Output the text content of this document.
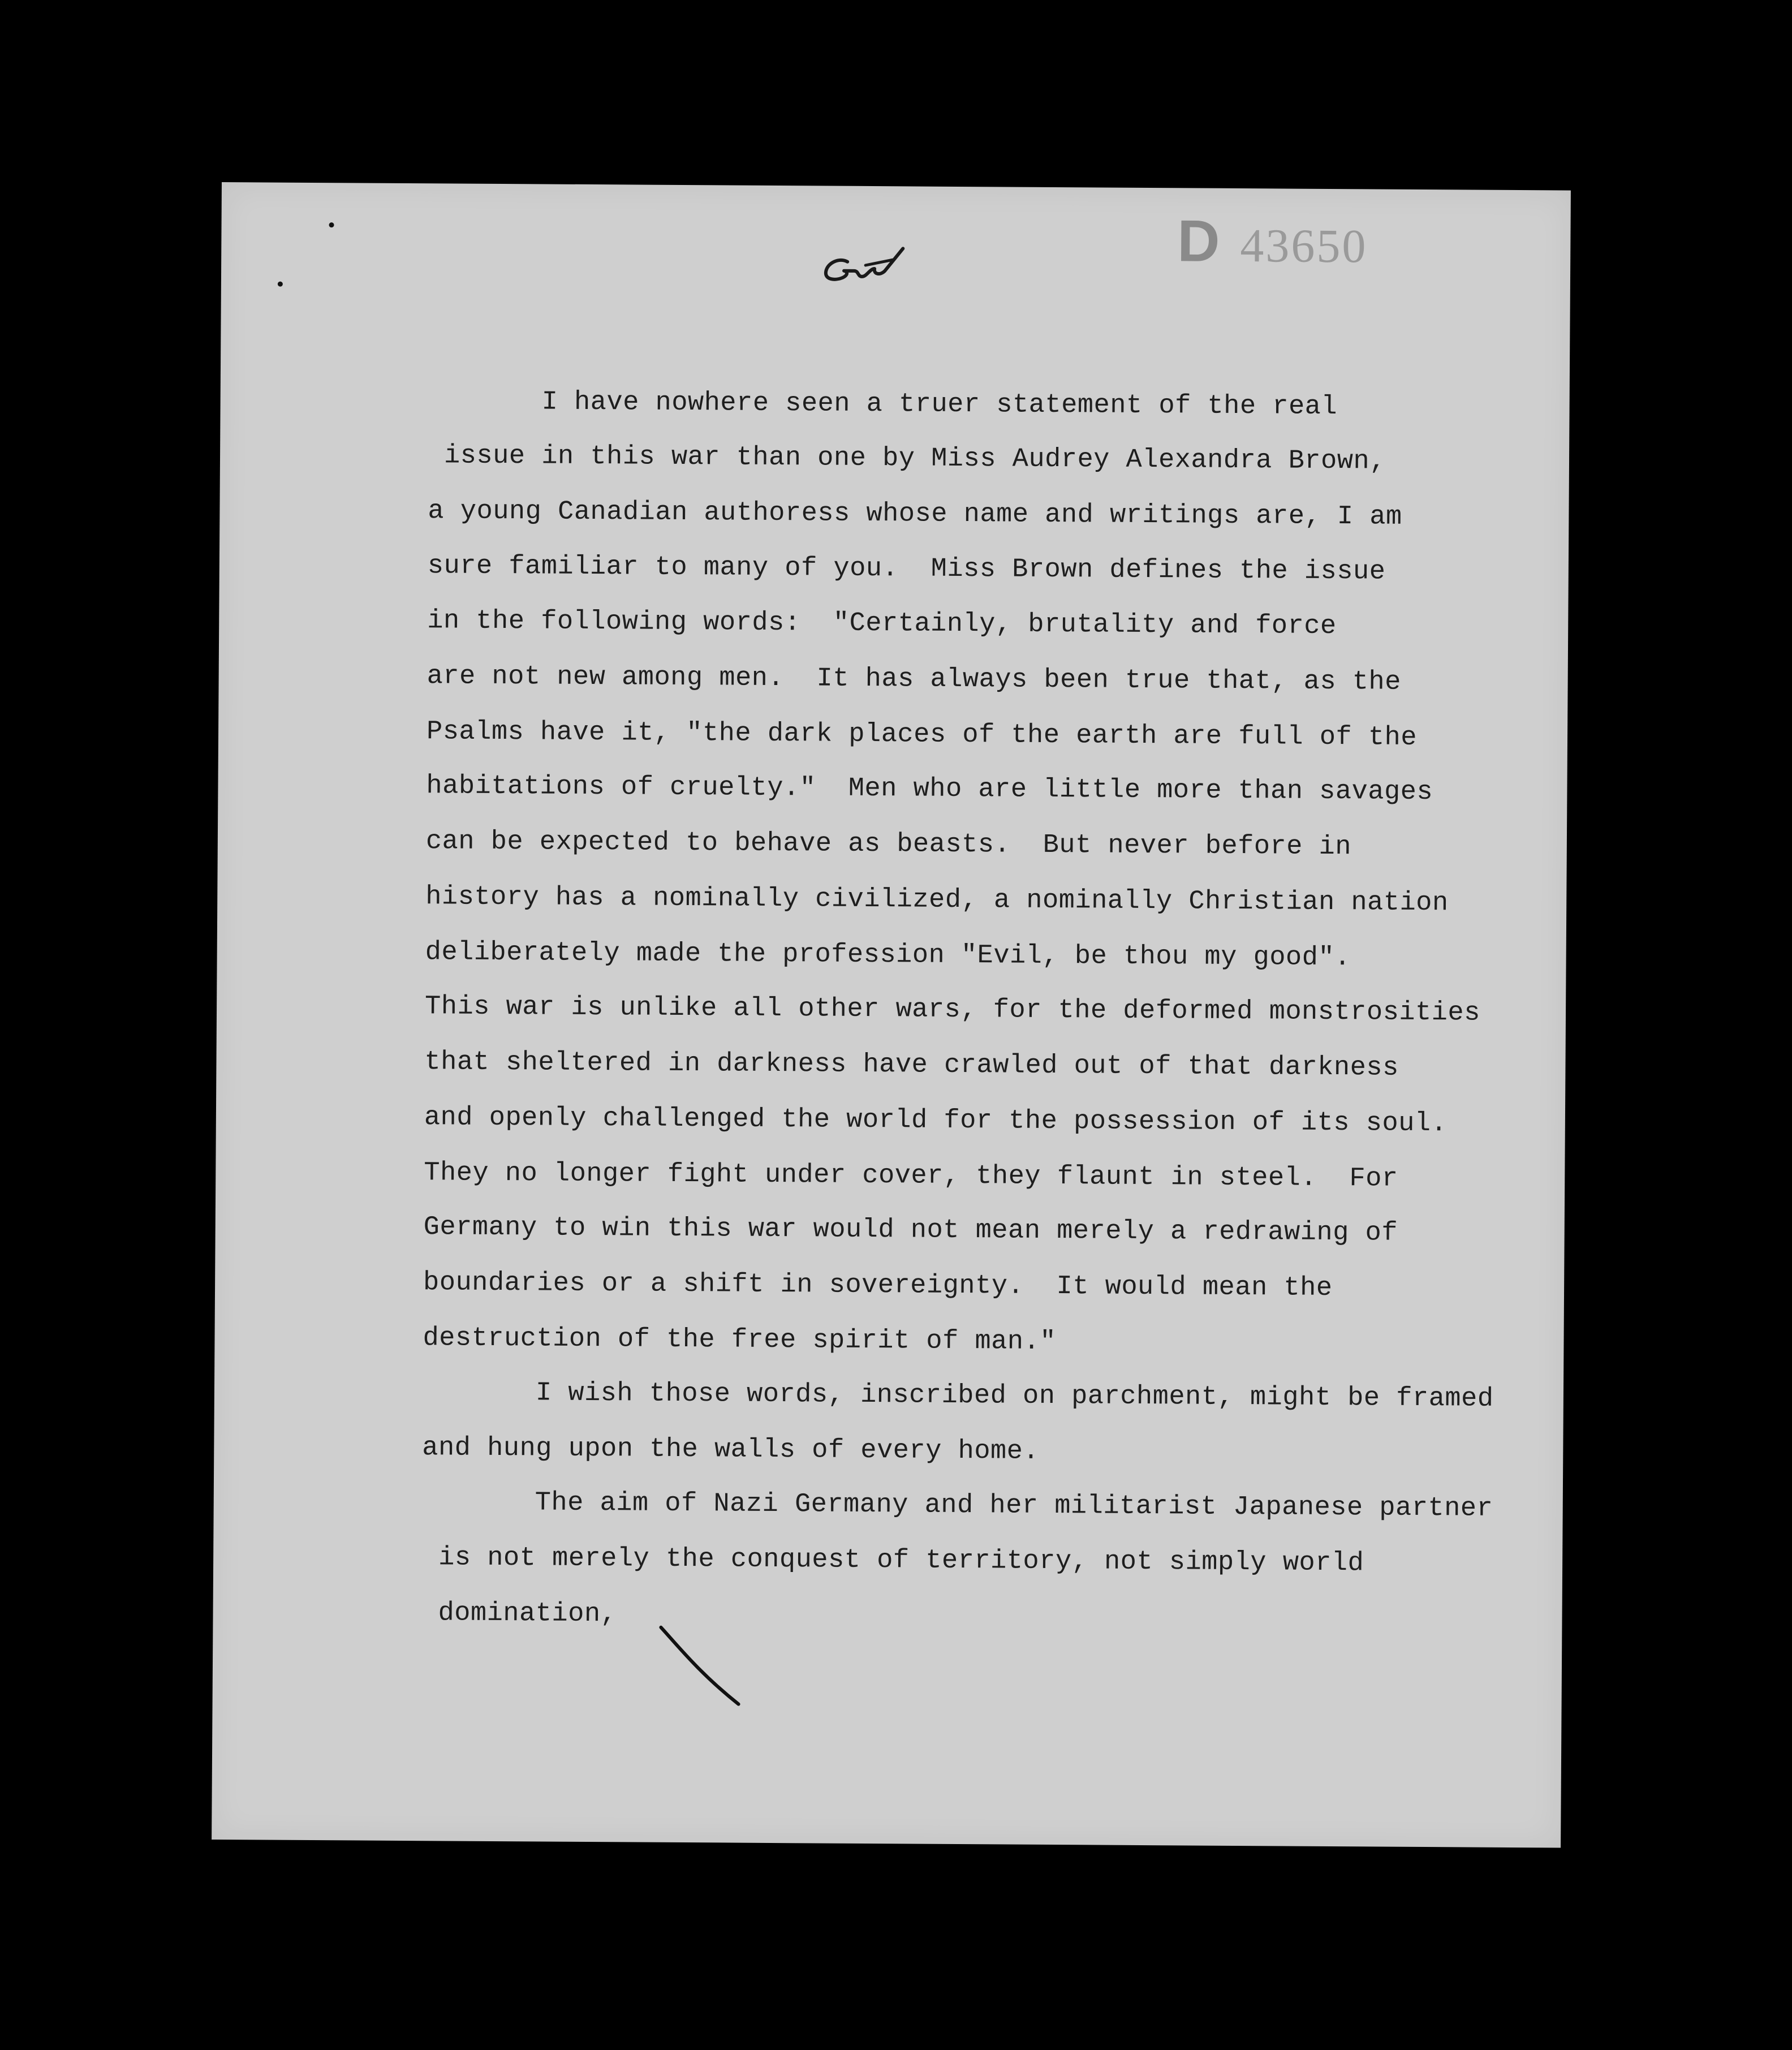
D 43650
I have nowhere seen a truer statement of the real
issue in this war than one by Miss Audrey Alexandra Brown,
a young Canadian authoress whose name and writings are, I am
sure familiar to many of you.  Miss Brown defines the issue
in the following words:  "Certainly, brutality and force
are not new among men.  It has always been true that, as the
Psalms have it, "the dark places of the earth are full of the
habitations of cruelty."  Men who are little more than savages
can be expected to behave as beasts.  But never before in
history has a nominally civilized, a nominally Christian nation
deliberately made the profession "Evil, be thou my good".
This war is unlike all other wars, for the deformed monstrosities
that sheltered in darkness have crawled out of that darkness
and openly challenged the world for the possession of its soul.
They no longer fight under cover, they flaunt in steel.  For
Germany to win this war would not mean merely a redrawing of
boundaries or a shift in sovereignty.  It would mean the
destruction of the free spirit of man."
I wish those words, inscribed on parchment, might be framed
and hung upon the walls of every home.
The aim of Nazi Germany and her militarist Japanese partner
is not merely the conquest of territory, not simply world
domination,
